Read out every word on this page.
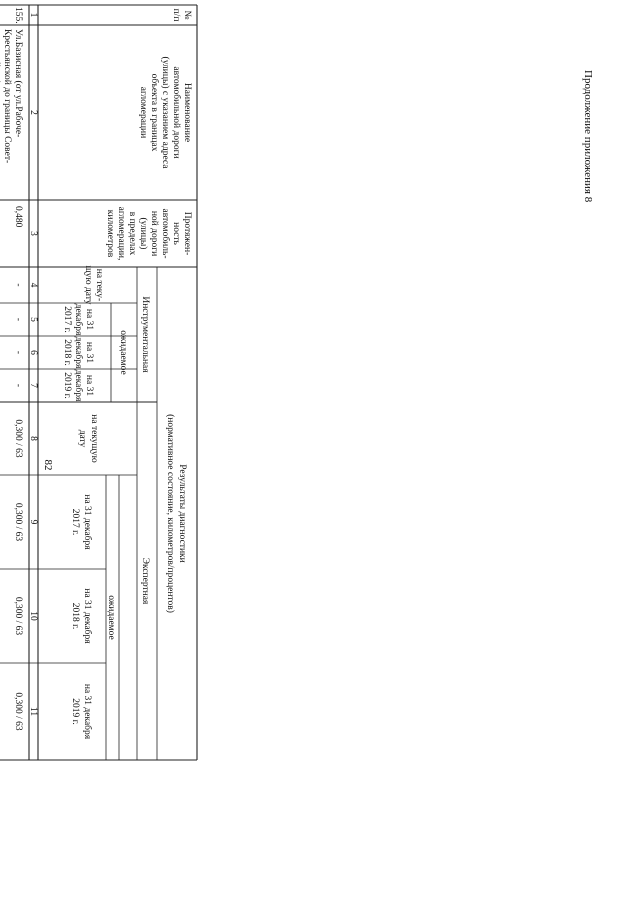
82
Продолжение приложения 8
№
п/п
Наименование
автомобильной дороги
(улицы) с указанием адреса
объекта в границах
агломерации
Протяжен-
ность
автомобиль-
ной дороги
(улицы)
в пределах
агломерации,
километров
Результаты диагностики
(нормативное состояние, километров/процентов)
Инструментальная
Экспертная
на теку-
щую дату
ожидаемое
на 31
декабря
2017 г.
на 31
декабря
2018 г.
на 31
декабря
2019 г.
на текущую
дату
ожидаемое
на 31 декабря
2017 г.
на 31 декабря
2018 г.
на 31 декабря
2019 г.
1
2
3
4
5
6
7
8
9
10
11
155.
Ул.Базисная (от ул.Рабоче-
Крестьянской до границы Совет-
0,480
-
-
-
-
0,300 / 63
0,300 / 63
0,300 / 63
0,300 / 63
